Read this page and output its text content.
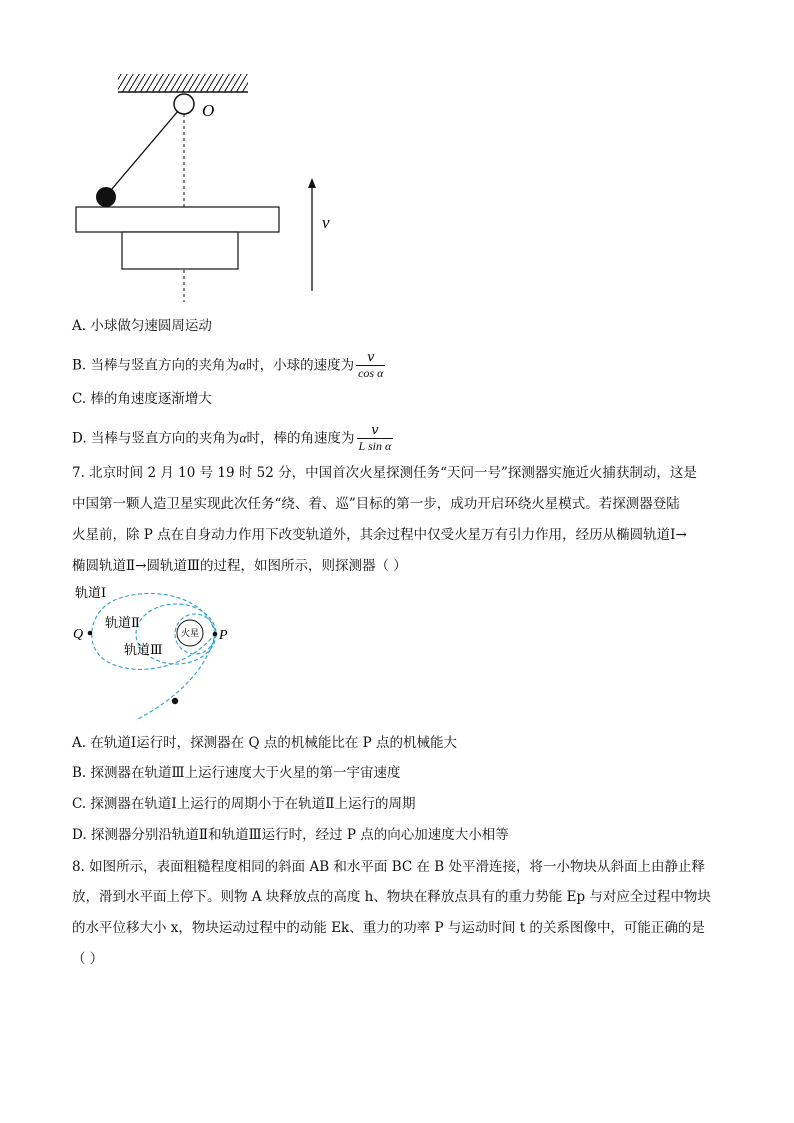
O
v
A. 小球做匀速圆周运动
B. 当棒与竖直方向的夹角为α时，小球的速度为 $\frac{v}{\text{cos α}}$
C. 棒的角速度逐渐增大
D. 当棒与竖直方向的夹角为α时，棒的角速度为 $\frac{v}{\text{L sin α}}$
7. 北京时间 2 月 10 号 19 时 52 分，中国首次火星探测任务“天问一号”探测器实施近火捕获制动，这是
中国第一颗人造卫星实现此次任务“绕、着、巡”目标的第一步，成功开启环绕火星模式。若探测器登陆
火星前，除 P 点在自身动力作用下改变轨道外，其余过程中仅受火星万有引力作用，经历从椭圆轨道Ⅰ→
椭圆轨道Ⅱ→圆轨道Ⅲ的过程，如图所示，则探测器（ ）
火星
轨道Ⅰ
轨道Ⅱ
轨道Ⅲ
Q	P
A. 在轨道Ⅰ运行时，探测器在 Q 点的机械能比在 P 点的机械能大
B. 探测器在轨道Ⅲ上运行速度大于火星的第一宇宙速度
C. 探测器在轨道Ⅰ上运行的周期小于在轨道Ⅱ上运行的周期
D. 探测器分别沿轨道Ⅱ和轨道Ⅲ运行时，经过 P 点的向心加速度大小相等
8. 如图所示，表面粗糙程度相同的斜面 AB 和水平面 BC 在 B 处平滑连接，将一小物块从斜面上由静止释
放，滑到水平面上停下。则物 A 块释放点的高度 h、物块在释放点具有的重力势能 Ep 与对应全过程中物块
的水平位移大小 x，物块运动过程中的动能 Ek、重力的功率 P 与运动时间 t 的关系图像中，可能正确的是
（ ）
